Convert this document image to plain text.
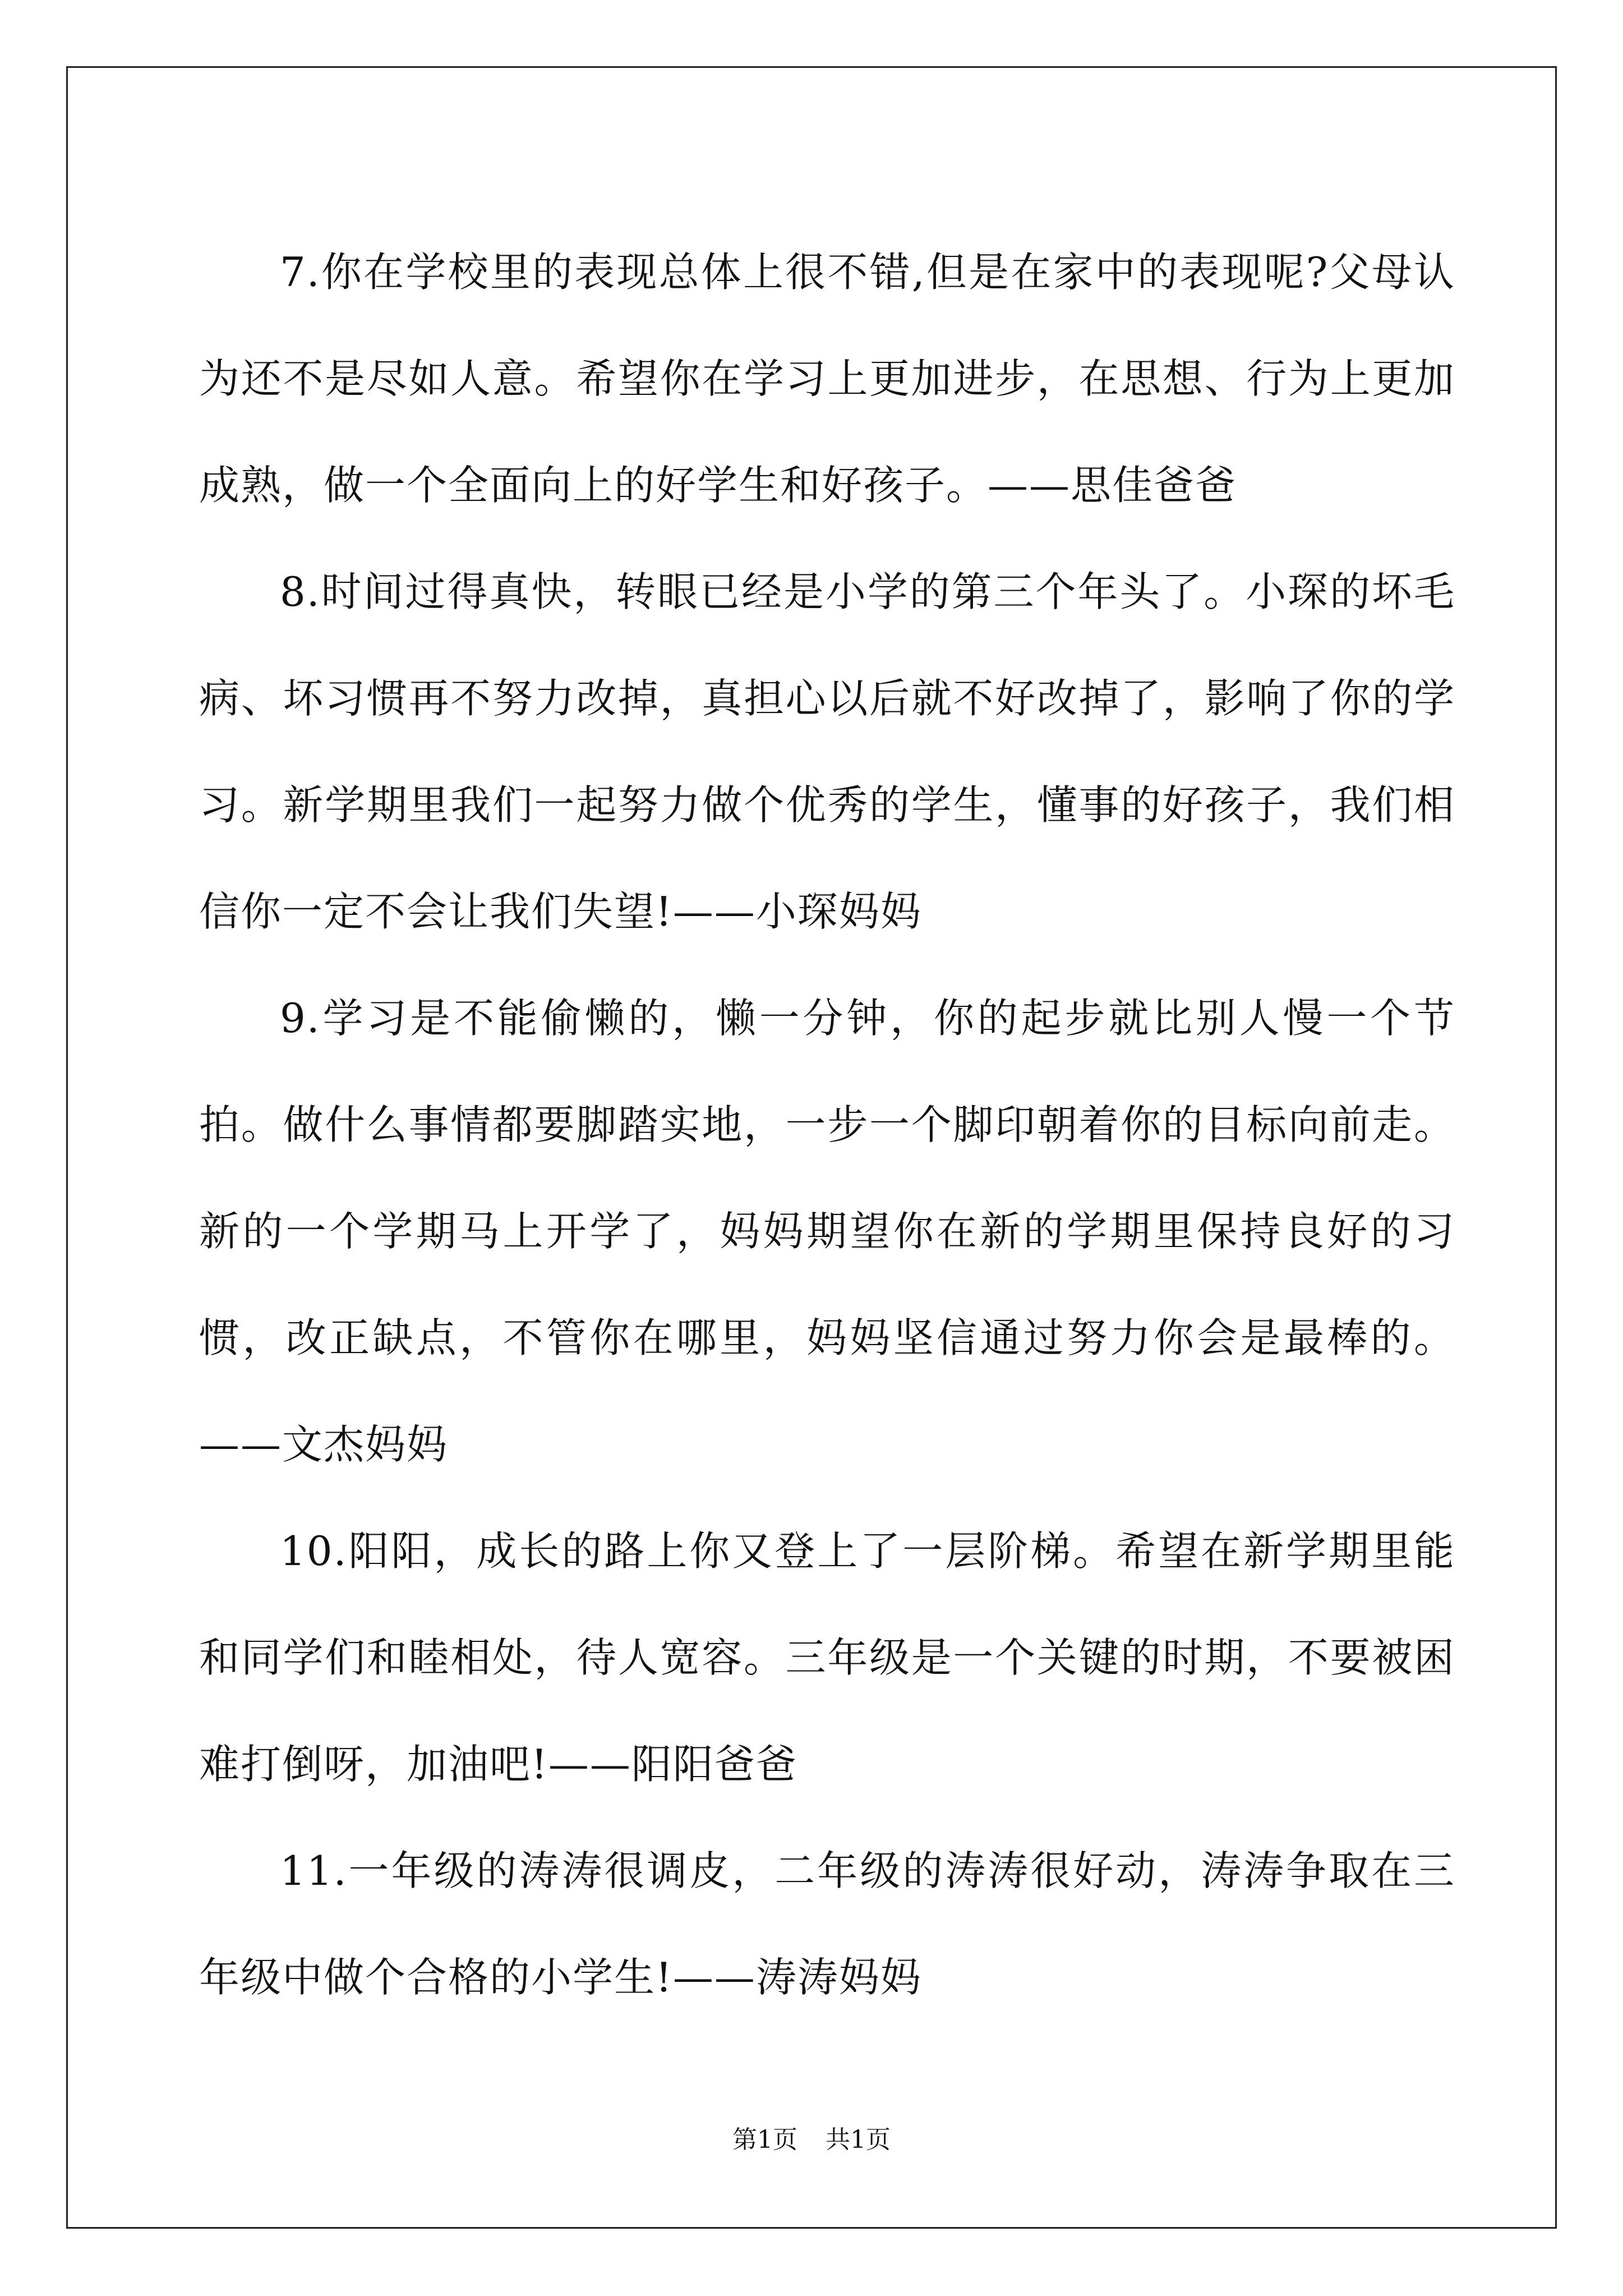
7.你在学校里的表现总体上很不错,但是在家中的表现呢?父母认为还不是尽如人意。希望你在学习上更加进步，在思想、行为上更加成熟，做一个全面向上的好学生和好孩子。——思佳爸爸

8.时间过得真快，转眼已经是小学的第三个年头了。小琛的坏毛病、坏习惯再不努力改掉，真担心以后就不好改掉了，影响了你的学习。新学期里我们一起努力做个优秀的学生，懂事的好孩子，我们相信你一定不会让我们失望!——小琛妈妈

9.学习是不能偷懒的，懒一分钟，你的起步就比别人慢一个节拍。做什么事情都要脚踏实地，一步一个脚印朝着你的目标向前走。新的一个学期马上开学了，妈妈期望你在新的学期里保持良好的习惯，改正缺点，不管你在哪里，妈妈坚信通过努力你会是最棒的。——文杰妈妈

10.阳阳，成长的路上你又登上了一层阶梯。希望在新学期里能和同学们和睦相处，待人宽容。三年级是一个关键的时期，不要被困难打倒呀，加油吧!——阳阳爸爸

11.一年级的涛涛很调皮，二年级的涛涛很好动，涛涛争取在三年级中做个合格的小学生!——涛涛妈妈

第1页 共1页
